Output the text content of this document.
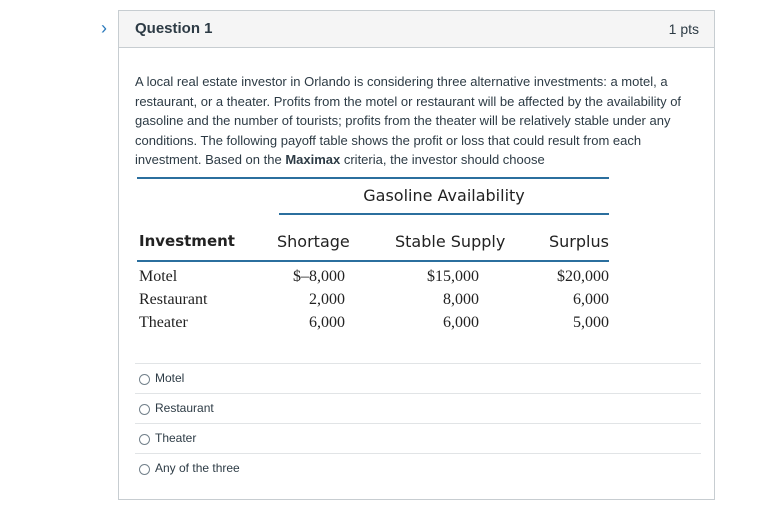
›	Question 1	1 pts
A local real estate investor in Orlando is considering three alternative investments: a motel, a restaurant, or a theater. Profits from the motel or restaurant will be affected by the availability of gasoline and the number of tourists; profits from the theater will be relatively stable under any conditions. The following payoff table shows the profit or loss that could result from each investment. Based on the Maximax criteria, the investor should choose
Gasoline Availability
Investment	Shortage	Stable Supply	Surplus
Motel	$–8,000	$15,000	$20,000
Restaurant	2,000	8,000	6,000
Theater	6,000	6,000	5,000
Motel
Restaurant
Theater
Any of the three
